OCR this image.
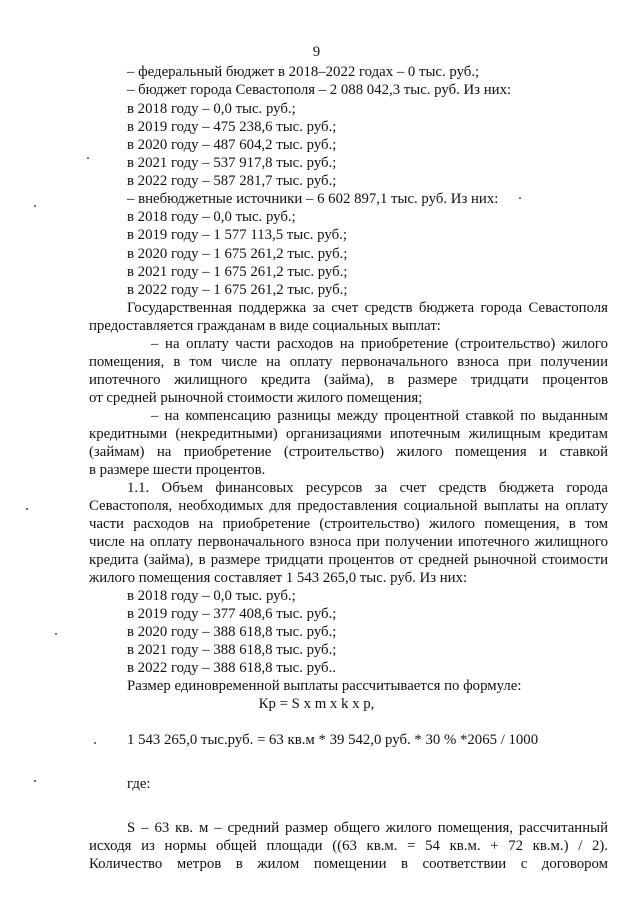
9
– федеральный бюджет в 2018–2022 годах – 0 тыс. руб.;
– бюджет города Севастополя – 2 088 042,3 тыс. руб. Из них:
в 2018 году – 0,0 тыс. руб.;
в 2019 году – 475 238,6 тыс. руб.;
в 2020 году – 487 604,2 тыс. руб.;
в 2021 году – 537 917,8 тыс. руб.;
в 2022 году – 587 281,7 тыс. руб.;
– внебюджетные источники – 6 602 897,1 тыс. руб. Из них:
в 2018 году – 0,0 тыс. руб.;
в 2019 году – 1 577 113,5 тыс. руб.;
в 2020 году – 1 675 261,2 тыс. руб.;
в 2021 году – 1 675 261,2 тыс. руб.;
в 2022 году – 1 675 261,2 тыс. руб.;
Государственная поддержка за счет средств бюджета города Севастополя
предоставляется гражданам в виде социальных выплат:
– на оплату части расходов на приобретение (строительство) жилого
помещения, в том числе на оплату первоначального взноса при получении
ипотечного жилищного кредита (займа), в размере тридцати процентов
от средней рыночной стоимости жилого помещения;
– на компенсацию разницы между процентной ставкой по выданным
кредитными (некредитными) организациями ипотечным жилищным кредитам
(займам) на приобретение (строительство) жилого помещения и ставкой
в размере шести процентов.
1.1. Объем финансовых ресурсов за счет средств бюджета города
Севастополя, необходимых для предоставления социальной выплаты на оплату
части расходов на приобретение (строительство) жилого помещения, в том
числе на оплату первоначального взноса при получении ипотечного жилищного
кредита (займа), в размере тридцати процентов от средней рыночной стоимости
жилого помещения составляет 1 543 265,0 тыс. руб. Из них:
в 2018 году – 0,0 тыс. руб.;
в 2019 году – 377 408,6 тыс. руб.;
в 2020 году – 388 618,8 тыс. руб.;
в 2021 году – 388 618,8 тыс. руб.;
в 2022 году – 388 618,8 тыс. руб..
Размер единовременной выплаты рассчитывается по формуле:
Кр = S х m х k х p,
1 543 265,0 тыс.руб. = 63 кв.м * 39 542,0 руб. * 30 % *2065 / 1000
где:
S – 63 кв. м – средний размер общего жилого помещения, рассчитанный
исходя из нормы общей площади ((63 кв.м. = 54 кв.м. + 72 кв.м.) / 2).
Количество метров в жилом помещении в соответствии с договором
